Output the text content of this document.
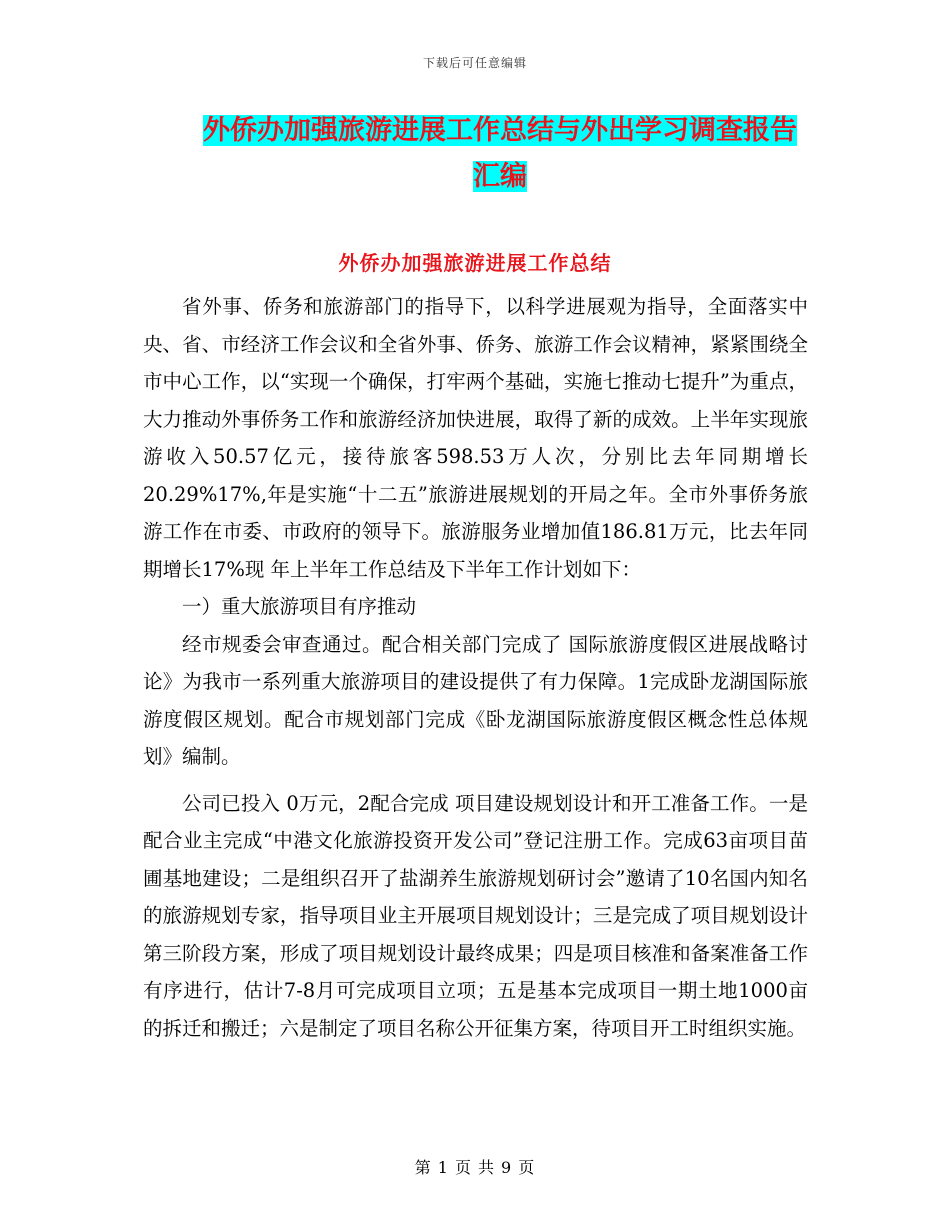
下载后可任意编辑
外侨办加强旅游进展工作总结与外出学习调查报告汇编
外侨办加强旅游进展工作总结

省外事、侨务和旅游部门的指导下，以科学进展观为指导，全面落实中央、省、市经济工作会议和全省外事、侨务、旅游工作会议精神，紧紧围绕全市中心工作，以“实现一个确保，打牢两个基础，实施七推动七提升”为重点，大力推动外事侨务工作和旅游经济加快进展，取得了新的成效。上半年实现旅游收入50.57亿元，接待旅客598.53万人次，分别比去年同期增长20.29%17%,年是实施“十二五”旅游进展规划的开局之年。全市外事侨务旅游工作在市委、市政府的领导下。旅游服务业增加值186.81万元，比去年同期增长17%现 年上半年工作总结及下半年工作计划如下：

一）重大旅游项目有序推动

经市规委会审查通过。配合相关部门完成了 国际旅游度假区进展战略讨论》为我市一系列重大旅游项目的建设提供了有力保障。1完成卧龙湖国际旅游度假区规划。配合市规划部门完成《卧龙湖国际旅游度假区概念性总体规划》编制。

公司已投入 0万元，2配合完成 项目建设规划设计和开工准备工作。一是配合业主完成“中港文化旅游投资开发公司”登记注册工作。完成63亩项目苗圃基地建设；二是组织召开了盐湖养生旅游规划研讨会”邀请了10名国内知名的旅游规划专家，指导项目业主开展项目规划设计；三是完成了项目规划设计第三阶段方案，形成了项目规划设计最终成果；四是项目核准和备案准备工作有序进行，估计7-8月可完成项目立项；五是基本完成项目一期土地1000亩的拆迁和搬迁；六是制定了项目名称公开征集方案，待项目开工时组织实施。

第 1 页 共 9 页
